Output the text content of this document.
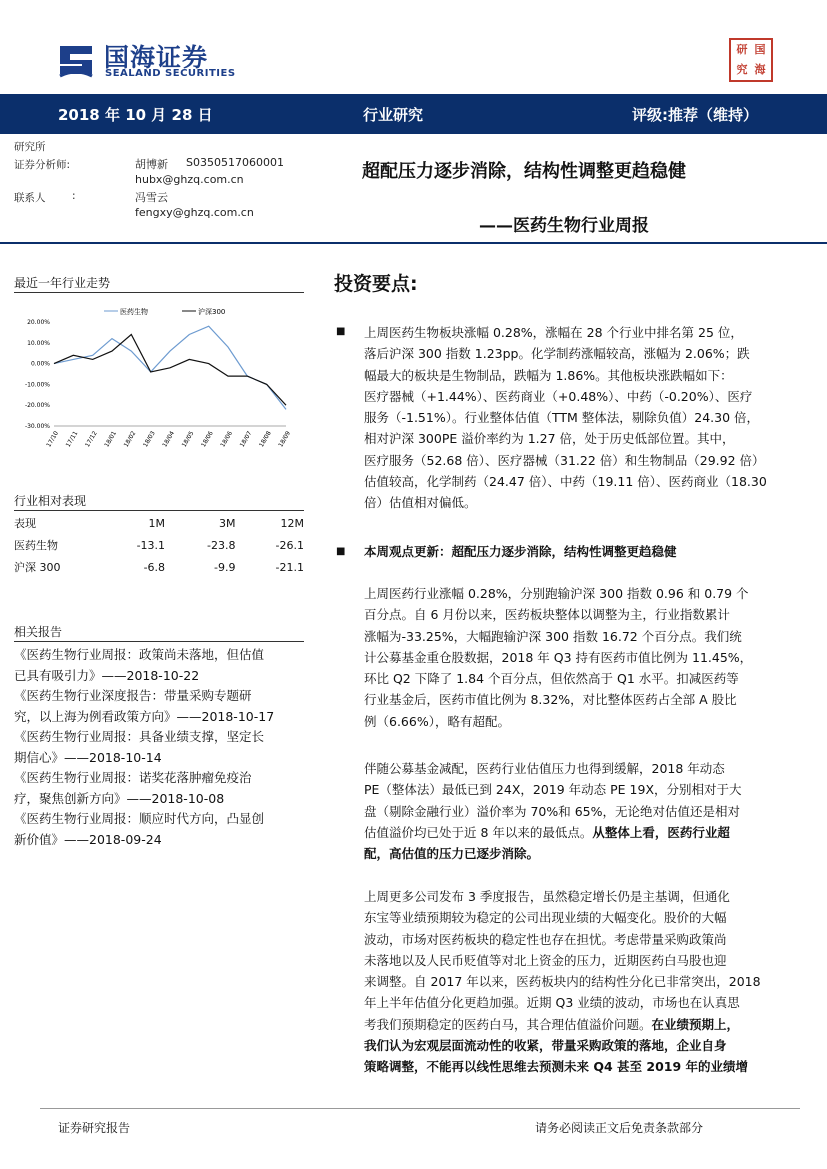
国海证券
SEALAND SECURITIES
研 国
究 海
2018 年 10 月 28 日	行业研究	评级:推荐（维持）
研究所
证券分析师:	胡博新 S0350517060001
hubx@ghzq.com.cn
联系人	:	冯雪云
fengxy@ghzq.com.cn
超配压力逐步消除，结构性调整更趋稳健
——医药生物行业周报
最近一年行业走势
医药生物	沪深300
20.00%
10.00%
0.00%
-10.00%
-20.00%
-30.00%
17/10 17/11 17/12 18/01 18/02 18/03 18/04 18/05 18/06 18/06 18/07 18/08 18/09
行业相对表现
表现	1M	3M	12M
医药生物	-13.1	-23.8	-26.1
沪深 300	-6.8	-9.9	-21.1
相关报告
《医药生物行业周报：政策尚未落地，但估值
已具有吸引力》——2018-10-22
《医药生物行业深度报告：带量采购专题研
究，以上海为例看政策方向》——2018-10-17
《医药生物行业周报：具备业绩支撑，坚定长
期信心》——2018-10-14
《医药生物行业周报：诺奖花落肿瘤免疫治
疗，聚焦创新方向》——2018-10-08
《医药生物行业周报：顺应时代方向，凸显创
新价值》——2018-09-24
投资要点:
■ 上周医药生物板块涨幅 0.28%，涨幅在 28 个行业中排名第 25 位，
落后沪深 300 指数 1.23pp。化学制药涨幅较高，涨幅为 2.06%；跌
幅最大的板块是生物制品，跌幅为 1.86%。其他板块涨跌幅如下：
医疗器械（+1.44%）、医药商业（+0.48%）、中药（-0.20%）、医疗
服务（-1.51%）。行业整体估值（TTM 整体法，剔除负值）24.30 倍，
相对沪深 300PE 溢价率约为 1.27 倍，处于历史低部位置。其中，
医疗服务（52.68 倍）、医疗器械（31.22 倍）和生物制品（29.92 倍）
估值较高，化学制药（24.47 倍）、中药（19.11 倍）、医药商业（18.30
倍）估值相对偏低。
■ 本周观点更新：超配压力逐步消除，结构性调整更趋稳健
上周医药行业涨幅 0.28%，分别跑输沪深 300 指数 0.96 和 0.79 个
百分点。自 6 月份以来，医药板块整体以调整为主，行业指数累计
涨幅为-33.25%，大幅跑输沪深 300 指数 16.72 个百分点。我们统
计公募基金重仓股数据，2018 年 Q3 持有医药市值比例为 11.45%，
环比 Q2 下降了 1.84 个百分点，但依然高于 Q1 水平。扣减医药等
行业基金后，医药市值比例为 8.32%，对比整体医药占全部 A 股比
例（6.66%），略有超配。
伴随公募基金减配，医药行业估值压力也得到缓解，2018 年动态
PE（整体法）最低已到 24X，2019 年动态 PE 19X，分别相对于大
盘（剔除金融行业）溢价率为 70%和 65%，无论绝对估值还是相对
估值溢价均已处于近 8 年以来的最低点。从整体上看，医药行业超
配，高估值的压力已逐步消除。
上周更多公司发布 3 季度报告，虽然稳定增长仍是主基调，但通化
东宝等业绩预期较为稳定的公司出现业绩的大幅变化。股价的大幅
波动，市场对医药板块的稳定性也存在担忧。考虑带量采购政策尚
未落地以及人民币贬值等对北上资金的压力，近期医药白马股也迎
来调整。自 2017 年以来，医药板块内的结构性分化已非常突出，2018
年上半年估值分化更趋加强。近期 Q3 业绩的波动，市场也在认真思
考我们预期稳定的医药白马，其合理估值溢价问题。在业绩预期上，
我们认为宏观层面流动性的收紧，带量采购政策的落地，企业自身
策略调整，不能再以线性思维去预测未来 Q4 甚至 2019 年的业绩增
证券研究报告	请务必阅读正文后免责条款部分
